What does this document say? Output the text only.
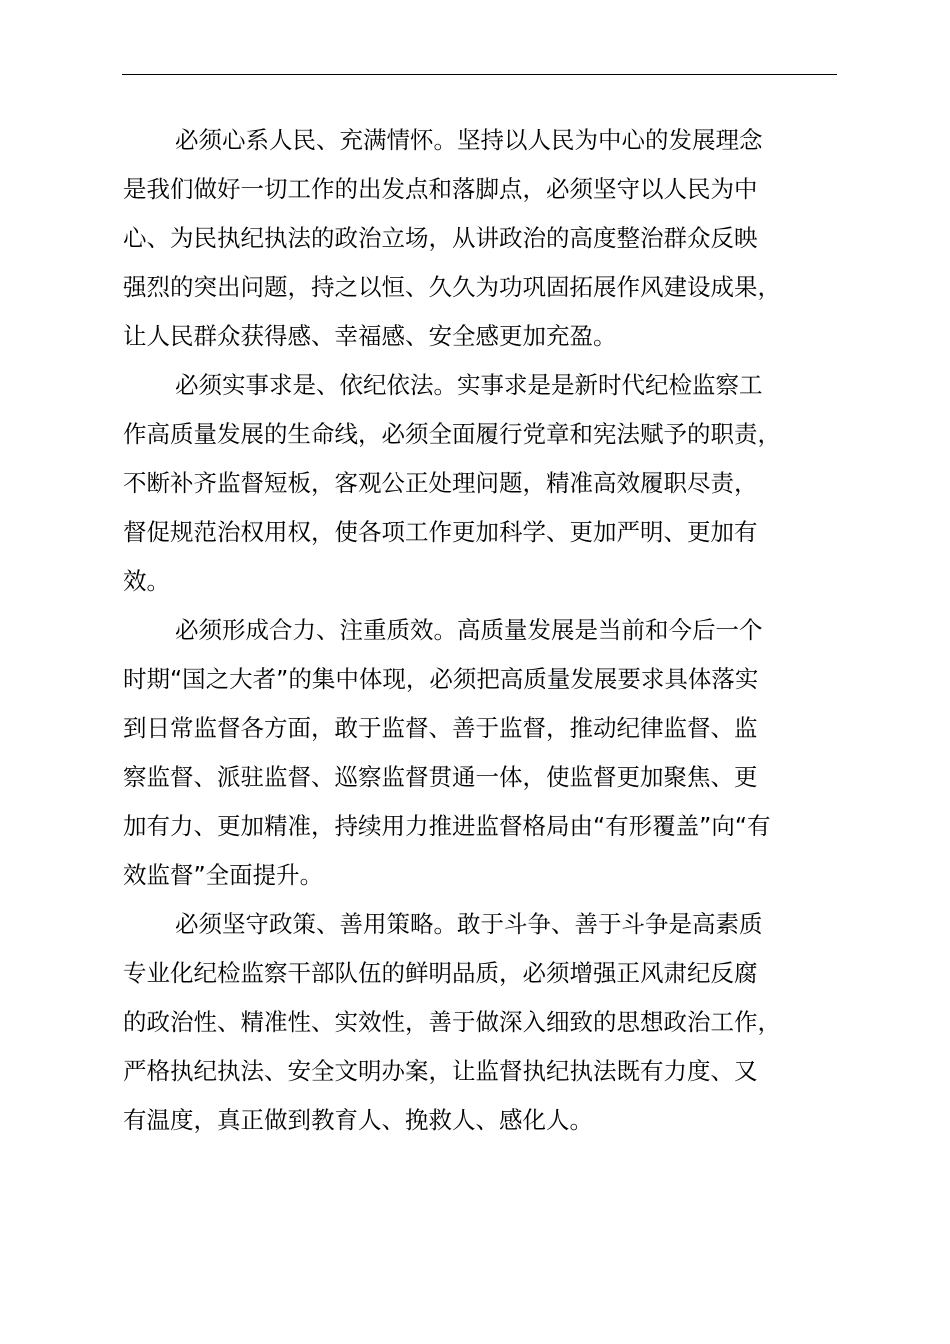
必须心系人民、充满情怀。坚持以人民为中心的发展理念
是我们做好一切工作的出发点和落脚点，必须坚守以人民为中
心、为民执纪执法的政治立场，从讲政治的高度整治群众反映
强烈的突出问题，持之以恒、久久为功巩固拓展作风建设成果，
让人民群众获得感、幸福感、安全感更加充盈。

必须实事求是、依纪依法。实事求是是新时代纪检监察工
作高质量发展的生命线，必须全面履行党章和宪法赋予的职责，
不断补齐监督短板，客观公正处理问题，精准高效履职尽责，
督促规范治权用权，使各项工作更加科学、更加严明、更加有
效。

必须形成合力、注重质效。高质量发展是当前和今后一个
时期“国之大者”的集中体现，必须把高质量发展要求具体落实
到日常监督各方面，敢于监督、善于监督，推动纪律监督、监
察监督、派驻监督、巡察监督贯通一体，使监督更加聚焦、更
加有力、更加精准，持续用力推进监督格局由“有形覆盖”向“有
效监督”全面提升。

必须坚守政策、善用策略。敢于斗争、善于斗争是高素质
专业化纪检监察干部队伍的鲜明品质，必须增强正风肃纪反腐
的政治性、精准性、实效性，善于做深入细致的思想政治工作，
严格执纪执法、安全文明办案，让监督执纪执法既有力度、又
有温度，真正做到教育人、挽救人、感化人。
